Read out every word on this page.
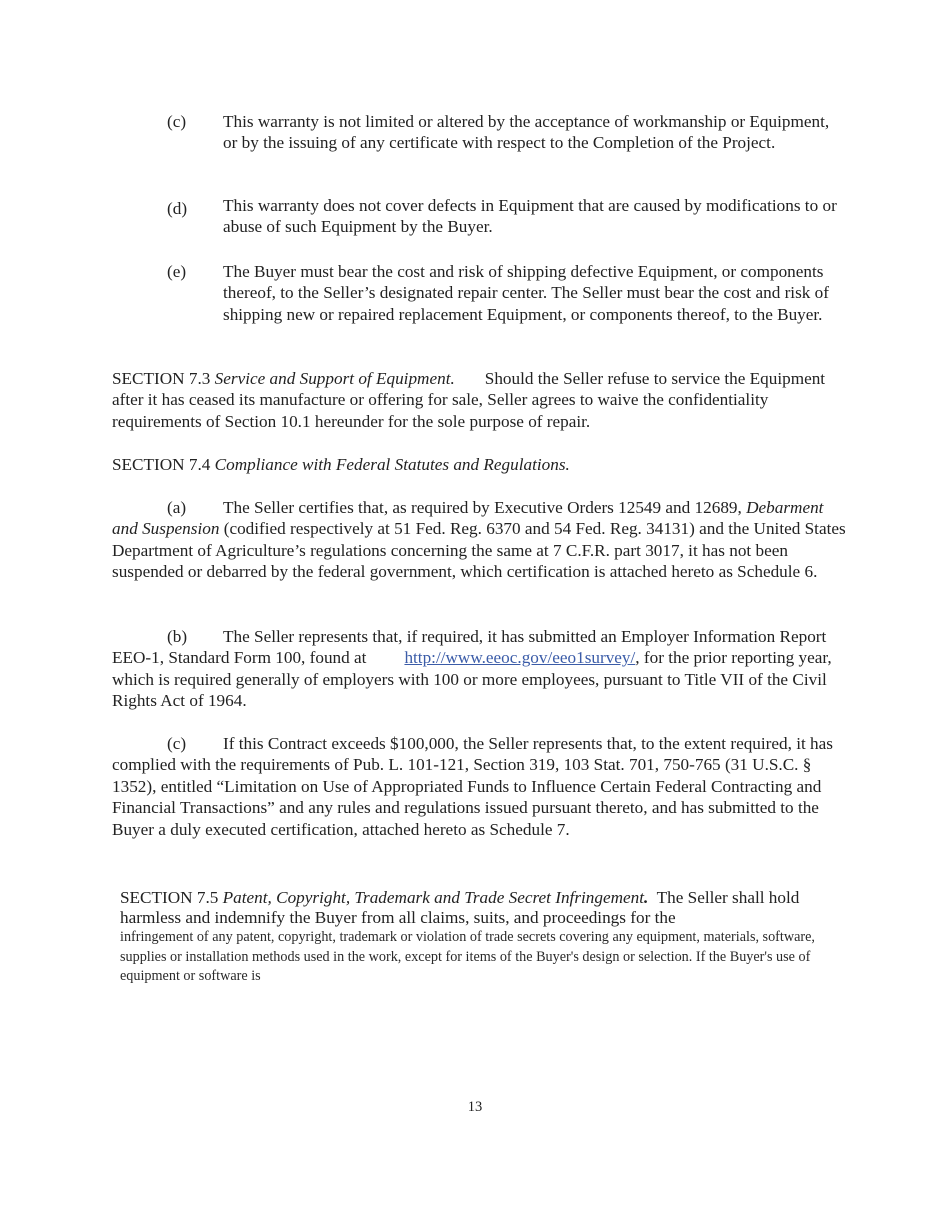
(c)	This warranty is not limited or altered by the acceptance of workmanship or Equipment, or by the issuing of any certificate with respect to the Completion of the Project.
(d)	This warranty does not cover defects in Equipment that are caused by modifications to or abuse of such Equipment by the Buyer.
(e)	The Buyer must bear the cost and risk of shipping defective Equipment, or components thereof, to the Seller’s designated repair center. The Seller must bear the cost and risk of shipping new or repaired replacement Equipment, or components thereof, to the Buyer.
SECTION 7.3 Service and Support of Equipment. Should the Seller refuse to service the Equipment after it has ceased its manufacture or offering for sale, Seller agrees to waive the confidentiality requirements of Section 10.1 hereunder for the sole purpose of repair.
SECTION 7.4 Compliance with Federal Statutes and Regulations.
(a) The Seller certifies that, as required by Executive Orders 12549 and 12689, Debarment and Suspension (codified respectively at 51 Fed. Reg. 6370 and 54 Fed. Reg. 34131) and the United States Department of Agriculture’s regulations concerning the same at 7 C.F.R. part 3017, it has not been suspended or debarred by the federal government, which certification is attached hereto as Schedule 6.
(b) The Seller represents that, if required, it has submitted an Employer Information Report EEO-1, Standard Form 100, found at http://www.eeoc.gov/eeo1survey/, for the prior reporting year, which is required generally of employers with 100 or more employees, pursuant to Title VII of the Civil Rights Act of 1964.
(c) If this Contract exceeds $100,000, the Seller represents that, to the extent required, it has complied with the requirements of Pub. L. 101-121, Section 319, 103 Stat. 701, 750-765 (31 U.S.C. § 1352), entitled “Limitation on Use of Appropriated Funds to Influence Certain Federal Contracting and Financial Transactions” and any rules and regulations issued pursuant thereto, and has submitted to the Buyer a duly executed certification, attached hereto as Schedule 7.
SECTION 7.5 Patent, Copyright, Trademark and Trade Secret Infringement. The Seller shall hold harmless and indemnify the Buyer from all claims, suits, and proceedings for the
infringement of any patent, copyright, trademark or violation of trade secrets covering any equipment, materials, software, supplies or installation methods used in the work, except for items of the Buyer's design or selection. If the Buyer's use of equipment or software is
13
